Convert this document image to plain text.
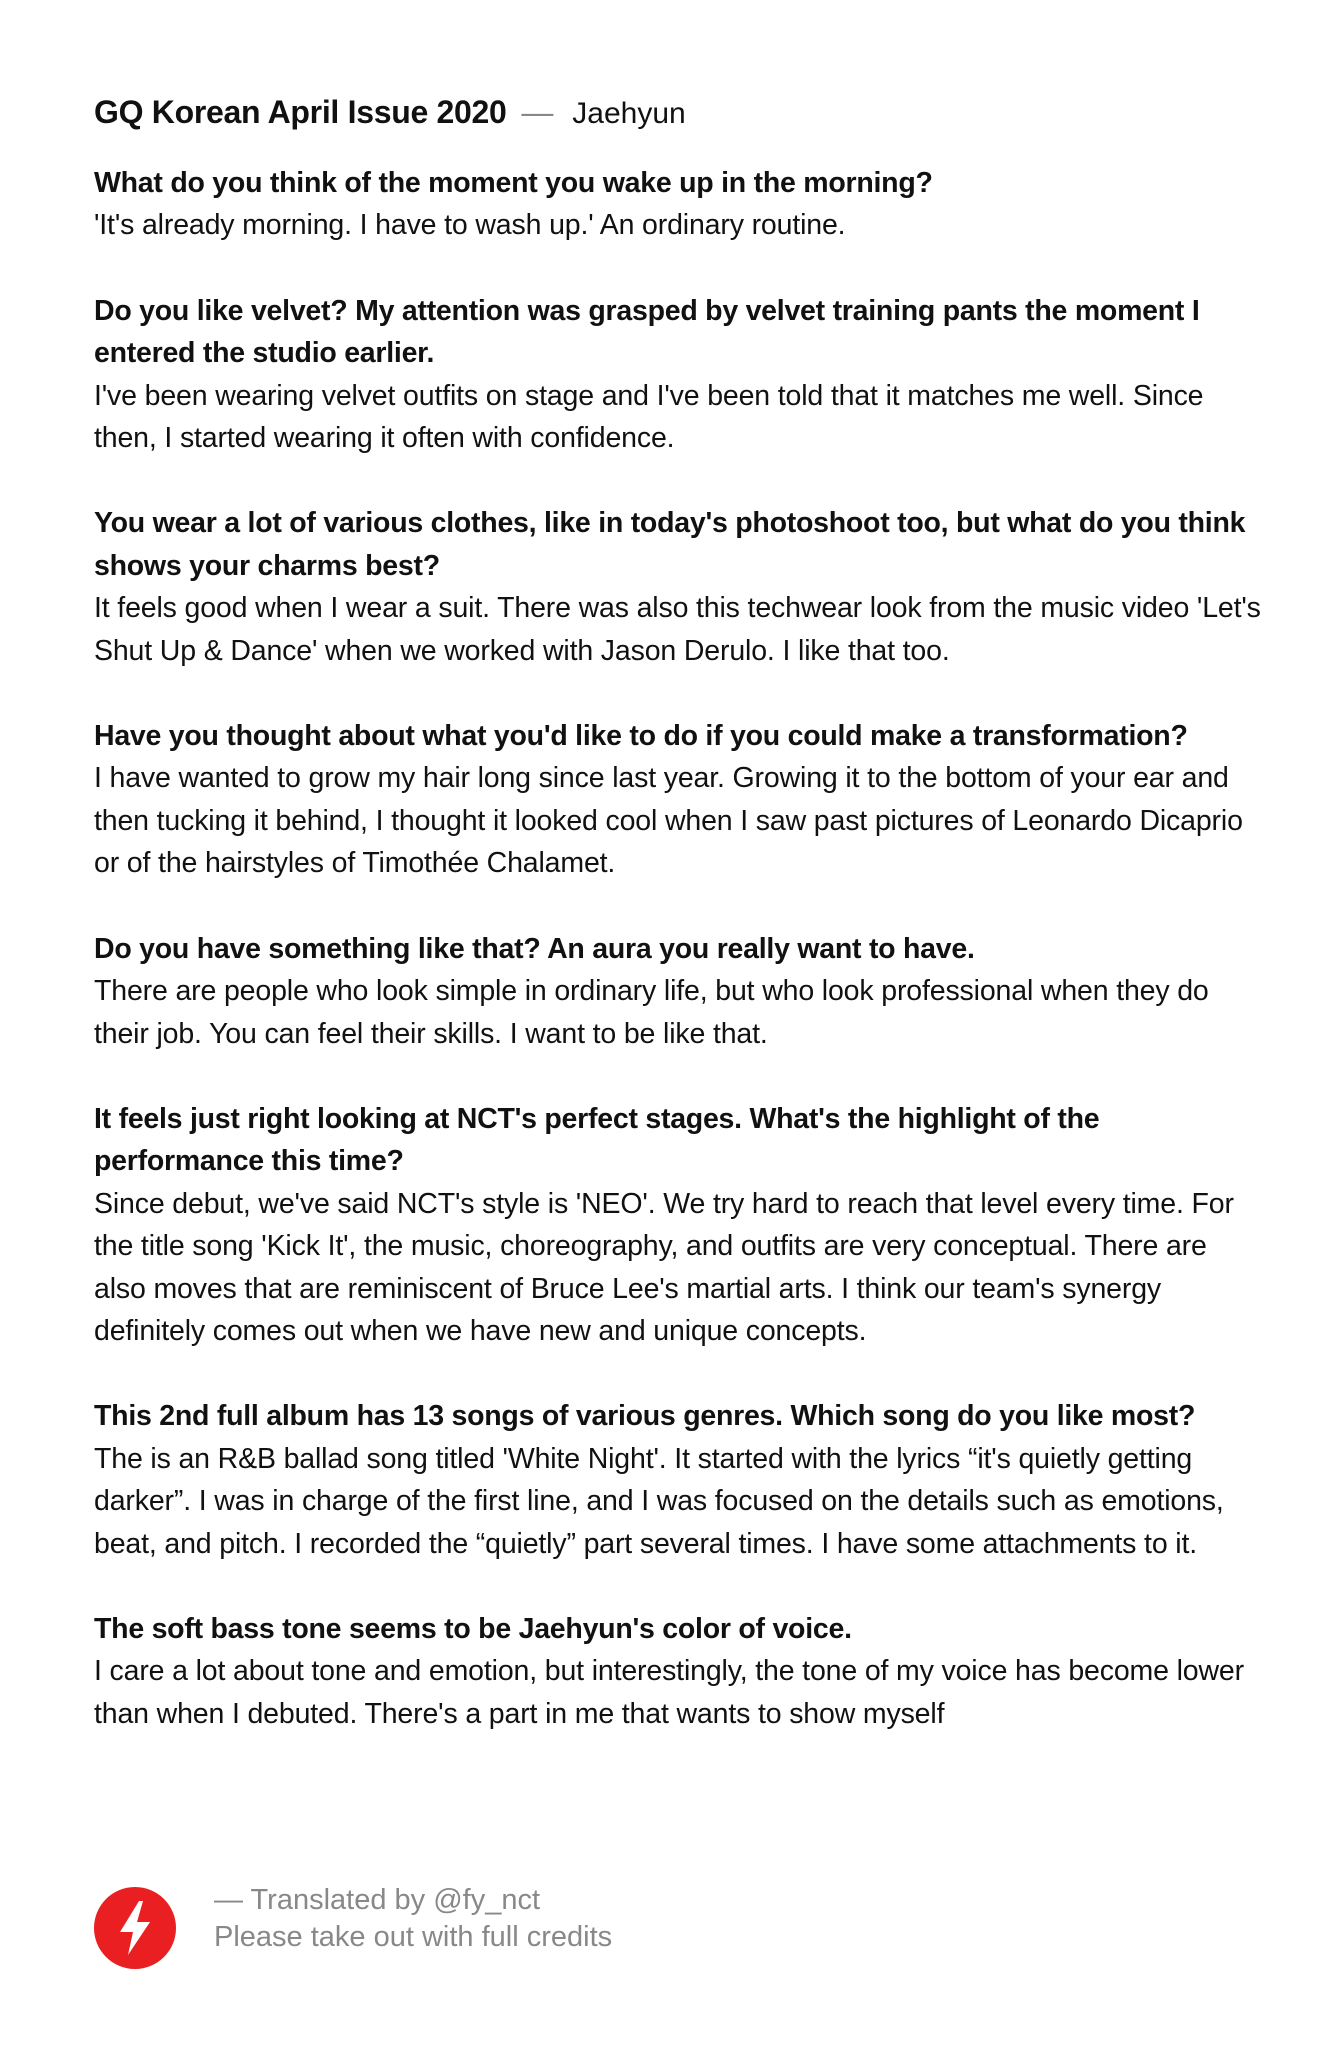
GQ Korean April Issue 2020 — Jaehyun
What do you think of the moment you wake up in the morning?
'It's already morning. I have to wash up.' An ordinary routine.
Do you like velvet? My attention was grasped by velvet training pants the moment I entered the studio earlier.
I've been wearing velvet outfits on stage and I've been told that it matches me well. Since then, I started wearing it often with confidence.
You wear a lot of various clothes, like in today's photoshoot too, but what do you think shows your charms best?
It feels good when I wear a suit. There was also this techwear look from the music video 'Let's Shut Up & Dance' when we worked with Jason Derulo. I like that too.
Have you thought about what you'd like to do if you could make a transformation?
I have wanted to grow my hair long since last year. Growing it to the bottom of your ear and then tucking it behind, I thought it looked cool when I saw past pictures of Leonardo Dicaprio or of the hairstyles of Timothée Chalamet.
Do you have something like that? An aura you really want to have.
There are people who look simple in ordinary life, but who look professional when they do their job. You can feel their skills. I want to be like that.
It feels just right looking at NCT's perfect stages. What's the highlight of the performance this time?
Since debut, we've said NCT's style is 'NEO'. We try hard to reach that level every time. For the title song 'Kick It', the music, choreography, and outfits are very conceptual. There are also moves that are reminiscent of Bruce Lee's martial arts. I think our team's synergy definitely comes out when we have new and unique concepts.
This 2nd full album has 13 songs of various genres. Which song do you like most?
The is an R&B ballad song titled 'White Night'. It started with the lyrics “it's quietly getting darker”. I was in charge of the first line, and I was focused on the details such as emotions, beat, and pitch. I recorded the “quietly” part several times. I have some attachments to it.
The soft bass tone seems to be Jaehyun's color of voice.
I care a lot about tone and emotion, but interestingly, the tone of my voice has become lower than when I debuted. There's a part in me that wants to show myself
— Translated by @fy_nct
Please take out with full credits
